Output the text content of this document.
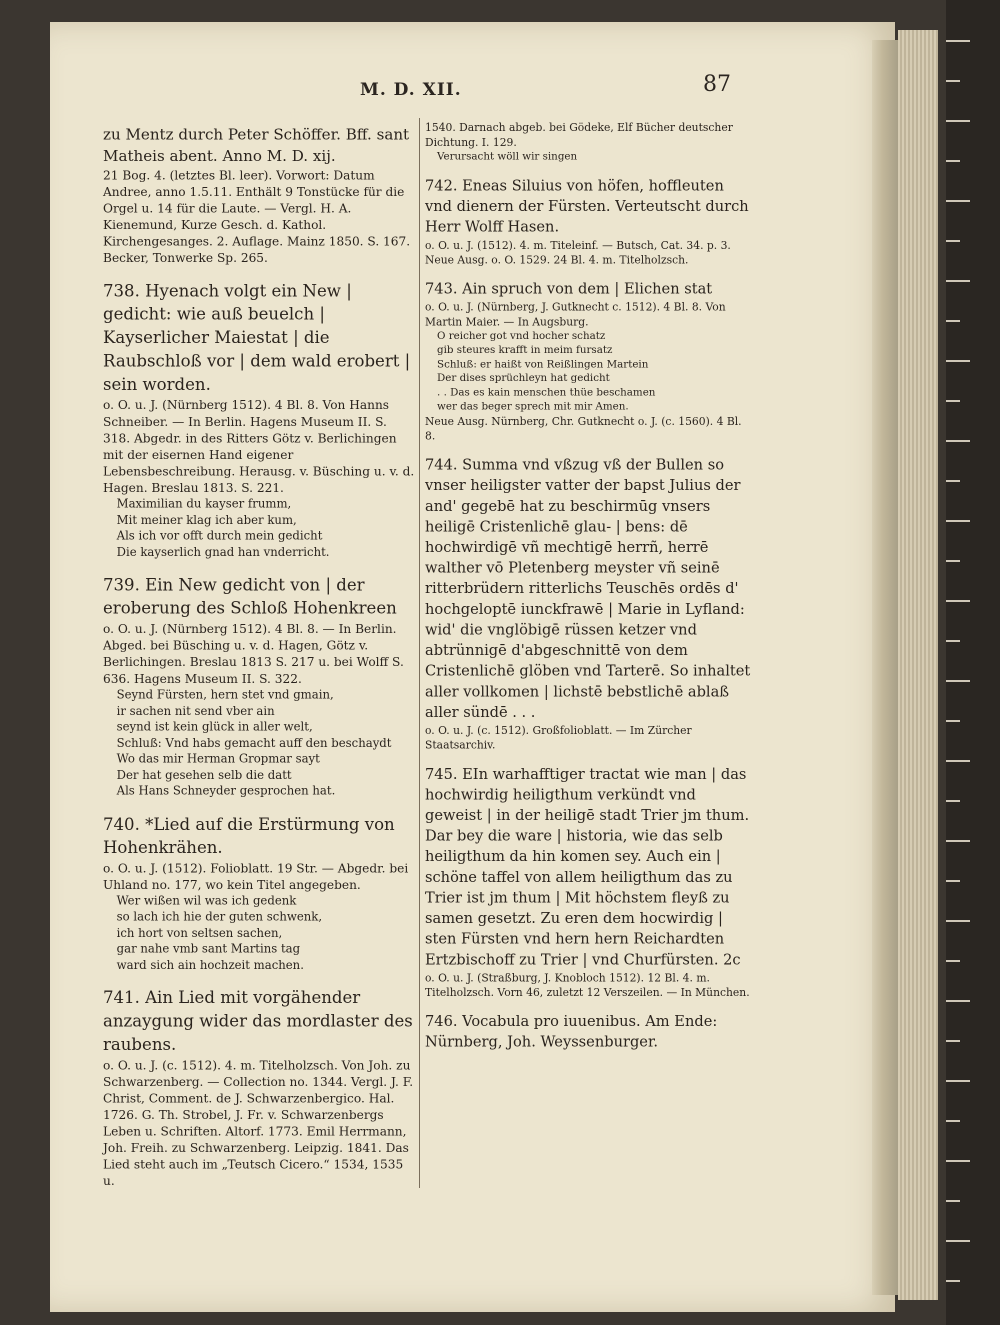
M. D. XII.	87

zu Mentz durch Peter Schöffer. Bff. sant Matheis abent. Anno M. D. xij.

21 Bog. 4. (letztes Bl. leer). Vorwort: Datum Andree, anno 1.5.11. Enthält 9 Tonstücke für die Orgel u. 14 für die Laute. — Vergl. H. A. Kienemund, Kurze Gesch. d. Kathol. Kirchengesanges. 2. Auflage. Mainz 1850. S. 167. Becker, Tonwerke Sp. 265.

738. Hyenach volgt ein New | gedicht: wie auß beuelch | Kayserlicher Maiestat | die Raubschloß vor | dem wald erobert | sein worden.

o. O. u. J. (Nürnberg 1512). 4 Bl. 8. Von Hanns Schneiber. — In Berlin. Hagens Museum II. S. 318. Abgedr. in des Ritters Götz v. Berlichingen mit der eisernen Hand eigener Lebensbeschreibung. Herausg. v. Büsching u. v. d. Hagen. Breslau 1813. S. 221.

Maximilian du kayser frumm,

Mit meiner klag ich aber kum,

Als ich vor offt durch mein gedicht

Die kayserlich gnad han vnderricht.

739. Ein New gedicht von | der eroberung des Schloß Hohenkreen

o. O. u. J. (Nürnberg 1512). 4 Bl. 8. — In Berlin. Abged. bei Büsching u. v. d. Hagen, Götz v. Berlichingen. Breslau 1813 S. 217 u. bei Wolff S. 636. Hagens Museum II. S. 322.

Seynd Fürsten, hern stet vnd gmain,

ir sachen nit send vber ain

seynd ist kein glück in aller welt,

Schluß: Vnd habs gemacht auff den beschaydt

Wo das mir Herman Gropmar sayt

Der hat gesehen selb die datt

Als Hans Schneyder gesprochen hat.

740. *Lied auf die Erstürmung von Hohenkrähen.

o. O. u. J. (1512). Folioblatt. 19 Str. — Abgedr. bei Uhland no. 177, wo kein Titel angegeben.

Wer wißen wil was ich gedenk

so lach ich hie der guten schwenk,

ich hort von seltsen sachen,

gar nahe vmb sant Martins tag

ward sich ain hochzeit machen.

741. Ain Lied mit vorgähender anzaygung wider das mordlaster des raubens.

o. O. u. J. (c. 1512). 4. m. Titelholzsch. Von Joh. zu Schwarzenberg. — Collection no. 1344. Vergl. J. F. Christ, Comment. de J. Schwarzenbergico. Hal. 1726. G. Th. Strobel, J. Fr. v. Schwarzenbergs Leben u. Schriften. Altorf. 1773. Emil Herrmann, Joh. Freih. zu Schwarzenberg. Leipzig. 1841. Das Lied steht auch im „Teutsch Cicero.“ 1534, 1535 u.

1540. Darnach abgeb. bei Gödeke, Elf Bücher deutscher Dichtung. I. 129.

Verursacht wöll wir singen

742. Eneas Siluius von höfen, hoffleuten vnd dienern der Fürsten. Verteutscht durch Herr Wolff Hasen.

o. O. u. J. (1512). 4. m. Titeleinf. — Butsch, Cat. 34. p. 3. Neue Ausg. o. O. 1529. 24 Bl. 4. m. Titelholzsch.

743. Ain spruch von dem | Elichen stat

o. O. u. J. (Nürnberg, J. Gutknecht c. 1512). 4 Bl. 8. Von Martin Maier. — In Augsburg.

O reicher got vnd hocher schatz

gib steures krafft in meim fursatz

Schluß: er haißt von Reißlingen Martein

Der dises sprüchleyn hat gedicht

. . Das es kain menschen thüe beschamen

wer das beger sprech mit mir Amen.

Neue Ausg. Nürnberg, Chr. Gutknecht o. J. (c. 1560). 4 Bl. 8.

744. Summa vnd vßzug vß der Bullen so vnser heiligster vatter der bapst Julius der and' gegebē hat zu beschirmūg vnsers heiligē Cristenlichē glau- | bens: dē hochwirdigē vñ mechtigē herrñ, herrē walther vō Pletenberg meyster vñ seinē ritterbrüdern ritterlichs Teuschēs ordēs d' hochgeloptē iunckfrawē | Marie in Lyfland: wid' die vnglöbigē rüssen ketzer vnd abtrünnigē d'abgeschnittē von dem Cristenlichē glöben vnd Tarterē. So inhaltet aller vollkomen | lichstē bebstlichē ablaß aller sündē . . .

o. O. u. J. (c. 1512). Großfolioblatt. — Im Zürcher Staatsarchiv.

745. EIn warhafftiger tractat wie man | das hochwirdig heiligthum verkündt vnd geweist | in der heiligē stadt Trier jm thum. Dar bey die ware | historia, wie das selb heiligthum da hin komen sey. Auch ein | schöne taffel von allem heiligthum das zu Trier ist jm thum | Mit höchstem fleyß zu samen gesetzt. Zu eren dem hocwirdig | sten Fürsten vnd hern hern Reichardten Ertzbischoff zu Trier | vnd Churfürsten. 2c

o. O. u. J. (Straßburg, J. Knobloch 1512). 12 Bl. 4. m. Titelholzsch. Vorn 46, zuletzt 12 Verszeilen. — In München.

746. Vocabula pro iuuenibus. Am Ende: Nürnberg, Joh. Weyssenburger.
